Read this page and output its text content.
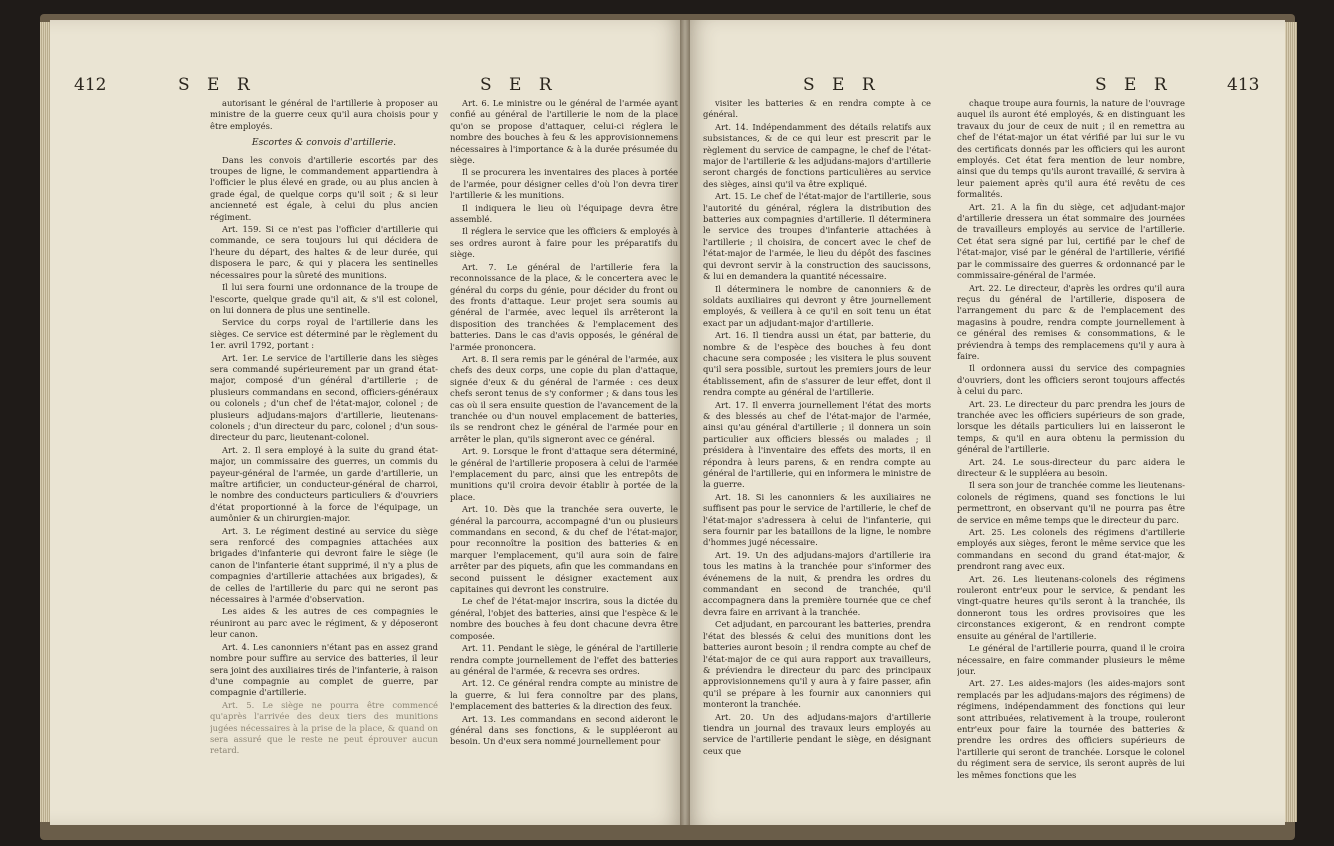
412	S E R	S E R

autorisant le général de l'artillerie à proposer au ministre de la guerre ceux qu'il aura choisis pour y être employés.

Escortes & convois d'artillerie.

Dans les convois d'artillerie escortés par des troupes de ligne, le commandement appartiendra à l'officier le plus élevé en grade, ou au plus ancien à grade égal, de quelque corps qu'il soit ; & si leur ancienneté est égale, à celui du plus ancien régiment.

Art. 159. Si ce n'est pas l'officier d'artillerie qui commande, ce sera toujours lui qui décidera de l'heure du départ, des haltes & de leur durée, qui disposera le parc, & qui y placera les sentinelles nécessaires pour la sûreté des munitions.

Il lui sera fourni une ordonnance de la troupe de l'escorte, quelque grade qu'il ait, & s'il est colonel, on lui donnera de plus une sentinelle.

Service du corps royal de l'artillerie dans les sièges. Ce service est déterminé par le règlement du 1er. avril 1792, portant :

Art. 1er. Le service de l'artillerie dans les sièges sera commandé supérieurement par un grand état-major, composé d'un général d'artillerie ; de plusieurs commandans en second, officiers-généraux ou colonels ; d'un chef de l'état-major, colonel ; de plusieurs adjudans-majors d'artillerie, lieutenans-colonels ; d'un directeur du parc, colonel ; d'un sous-directeur du parc, lieutenant-colonel.

Art. 2. Il sera employé à la suite du grand état-major, un commissaire des guerres, un commis du payeur-général de l'armée, un garde d'artillerie, un maître artificier, un conducteur-général de charroi, le nombre des conducteurs particuliers & d'ouvriers d'état proportionné à la force de l'équipage, un aumônier & un chirurgien-major.

Art. 3. Le régiment destiné au service du siège sera renforcé des compagnies attachées aux brigades d'infanterie qui devront faire le siège (le canon de l'infanterie étant supprimé, il n'y a plus de compagnies d'artillerie attachées aux brigades), & de celles de l'artillerie du parc qui ne seront pas nécessaires à l'armée d'observation.

Les aides & les autres de ces compagnies le réuniront au parc avec le régiment, & y déposeront leur canon.

Art. 4. Les canonniers n'étant pas en assez grand nombre pour suffire au service des batteries, il leur sera joint des auxiliaires tirés de l'infanterie, à raison d'une compagnie au complet de guerre, par compagnie d'artillerie.

Art. 5. Le siège ne pourra être commencé qu'après l'arrivée des deux tiers des munitions jugées nécessaires à la prise de la place, & quand on sera assuré que le reste ne peut éprouver aucun retard.

Art. 6. Le ministre ou le général de l'armée ayant confié au général de l'artillerie le nom de la place qu'on se propose d'attaquer, celui-ci réglera le nombre des bouches à feu & les approvisionnemens nécessaires à l'importance & à la durée présumée du siège.

Il se procurera les inventaires des places à portée de l'armée, pour désigner celles d'où l'on devra tirer l'artillerie & les munitions.

Il indiquera le lieu où l'équipage devra être assemblé.

Il réglera le service que les officiers & employés à ses ordres auront à faire pour les préparatifs du siège.

Art. 7. Le général de l'artillerie fera la reconnoissance de la place, & le concertera avec le général du corps du génie, pour décider du front ou des fronts d'attaque. Leur projet sera soumis au général de l'armée, avec lequel ils arrêteront la disposition des tranchées & l'emplacement des batteries. Dans le cas d'avis opposés, le général de l'armée prononcera.

Art. 8. Il sera remis par le général de l'armée, aux chefs des deux corps, une copie du plan d'attaque, signée d'eux & du général de l'armée : ces deux chefs seront tenus de s'y conformer ; & dans tous les cas où il sera ensuite question de l'avancement de la tranchée ou d'un nouvel emplacement de batteries, ils se rendront chez le général de l'armée pour en arrêter le plan, qu'ils signeront avec ce général.

Art. 9. Lorsque le front d'attaque sera déterminé, le général de l'artillerie proposera à celui de l'armée l'emplacement du parc, ainsi que les entrepôts de munitions qu'il croira devoir établir à portée de la place.

Art. 10. Dès que la tranchée sera ouverte, le général la parcourra, accompagné d'un ou plusieurs commandans en second, & du chef de l'état-major, pour reconnoître la position des batteries & en marquer l'emplacement, qu'il aura soin de faire arrêter par des piquets, afin que les commandans en second puissent le désigner exactement aux capitaines qui devront les construire.

Le chef de l'état-major inscrira, sous la dictée du général, l'objet des batteries, ainsi que l'espèce & le nombre des bouches à feu dont chacune devra être composée.

Art. 11. Pendant le siège, le général de l'artillerie rendra compte journellement de l'effet des batteries au général de l'armée, & recevra ses ordres.

Art. 12. Ce général rendra compte au ministre de la guerre, & lui fera connoître par des plans, l'emplacement des batteries & la direction des feux.

Art. 13. Les commandans en second aideront le général dans ses fonctions, & le suppléeront au besoin. Un d'eux sera nommé journellement pour

S E R	S E R	413

visiter les batteries & en rendra compte à ce général.

Art. 14. Indépendamment des détails relatifs aux subsistances, & de ce qui leur est prescrit par le règlement du service de campagne, le chef de l'état-major de l'artillerie & les adjudans-majors d'artillerie seront chargés de fonctions particulières au service des sièges, ainsi qu'il va être expliqué.

Art. 15. Le chef de l'état-major de l'artillerie, sous l'autorité du général, réglera la distribution des batteries aux compagnies d'artillerie. Il déterminera le service des troupes d'infanterie attachées à l'artillerie ; il choisira, de concert avec le chef de l'état-major de l'armée, le lieu du dépôt des fascines qui devront servir à la construction des saucissons, & lui en demandera la quantité nécessaire.

Il déterminera le nombre de canonniers & de soldats auxiliaires qui devront y être journellement employés, & veillera à ce qu'il en soit tenu un état exact par un adjudant-major d'artillerie.

Art. 16. Il tiendra aussi un état, par batterie, du nombre & de l'espèce des bouches à feu dont chacune sera composée ; les visitera le plus souvent qu'il sera possible, surtout les premiers jours de leur établissement, afin de s'assurer de leur effet, dont il rendra compte au général de l'artillerie.

Art. 17. Il enverra journellement l'état des morts & des blessés au chef de l'état-major de l'armée, ainsi qu'au général d'artillerie ; il donnera un soin particulier aux officiers blessés ou malades ; il présidera à l'inventaire des effets des morts, il en répondra à leurs parens, & en rendra compte au général de l'artillerie, qui en informera le ministre de la guerre.

Art. 18. Si les canonniers & les auxiliaires ne suffisent pas pour le service de l'artillerie, le chef de l'état-major s'adressera à celui de l'infanterie, qui sera fournir par les bataillons de la ligne, le nombre d'hommes jugé nécessaire.

Art. 19. Un des adjudans-majors d'artillerie ira tous les matins à la tranchée pour s'informer des événemens de la nuit, & prendra les ordres du commandant en second de tranchée, qu'il accompagnera dans la première tournée que ce chef devra faire en arrivant à la tranchée.

Cet adjudant, en parcourant les batteries, prendra l'état des blessés & celui des munitions dont les batteries auront besoin ; il rendra compte au chef de l'état-major de ce qui aura rapport aux travailleurs, & préviendra le directeur du parc des principaux approvisionnemens qu'il y aura à y faire passer, afin qu'il se prépare à les fournir aux canonniers qui monteront la tranchée.

Art. 20. Un des adjudans-majors d'artillerie tiendra un journal des travaux leurs employés au service de l'artillerie pendant le siège, en désignant ceux que

chaque troupe aura fournis, la nature de l'ouvrage auquel ils auront été employés, & en distinguant les travaux du jour de ceux de nuit ; il en remettra au chef de l'état-major un état vérifié par lui sur le vu des certificats donnés par les officiers qui les auront employés. Cet état fera mention de leur nombre, ainsi que du temps qu'ils auront travaillé, & servira à leur paiement après qu'il aura été revêtu de ces formalités.

Art. 21. A la fin du siège, cet adjudant-major d'artillerie dressera un état sommaire des journées de travailleurs employés au service de l'artillerie. Cet état sera signé par lui, certifié par le chef de l'état-major, visé par le général de l'artillerie, vérifié par le commissaire des guerres & ordonnancé par le commissaire-général de l'armée.

Art. 22. Le directeur, d'après les ordres qu'il aura reçus du général de l'artillerie, disposera de l'arrangement du parc & de l'emplacement des magasins à poudre, rendra compte journellement à ce général des remises & consommations, & le préviendra à temps des remplacemens qu'il y aura à faire.

Il ordonnera aussi du service des compagnies d'ouvriers, dont les officiers seront toujours affectés à celui du parc.

Art. 23. Le directeur du parc prendra les jours de tranchée avec les officiers supérieurs de son grade, lorsque les détails particuliers lui en laisseront le temps, & qu'il en aura obtenu la permission du général de l'artillerie.

Art. 24. Le sous-directeur du parc aidera le directeur & le suppléera au besoin.

Il sera son jour de tranchée comme les lieutenans-colonels de régimens, quand ses fonctions le lui permettront, en observant qu'il ne pourra pas être de service en même temps que le directeur du parc.

Art. 25. Les colonels des régimens d'artillerie employés aux sièges, feront le même service que les commandans en second du grand état-major, & prendront rang avec eux.

Art. 26. Les lieutenans-colonels des régimens rouleront entr'eux pour le service, & pendant les vingt-quatre heures qu'ils seront à la tranchée, ils donneront tous les ordres provisoires que les circonstances exigeront, & en rendront compte ensuite au général de l'artillerie.

Le général de l'artillerie pourra, quand il le croira nécessaire, en faire commander plusieurs le même jour.

Art. 27. Les aides-majors (les aides-majors sont remplacés par les adjudans-majors des régimens) de régimens, indépendamment des fonctions qui leur sont attribuées, relativement à la troupe, rouleront entr'eux pour faire la tournée des batteries & prendre les ordres des officiers supérieurs de l'artillerie qui seront de tranchée. Lorsque le colonel du régiment sera de service, ils seront auprès de lui les mêmes fonctions que les
